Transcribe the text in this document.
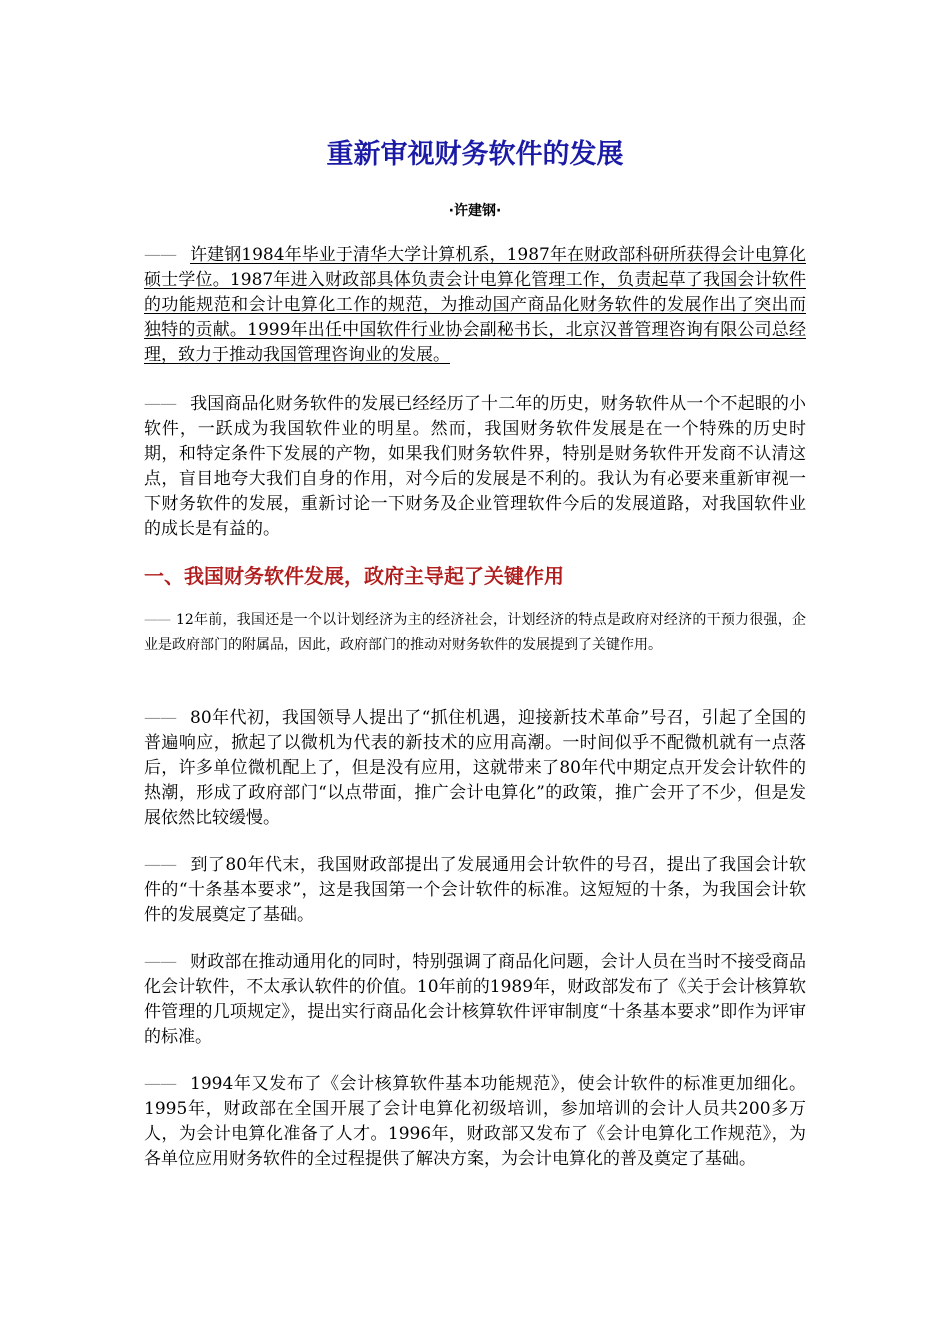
重新审视财务软件的发展

·许建钢·

—— 许建钢1984年毕业于清华大学计算机系，1987年在财政部科研所获得会计电算化硕士学位。1987年进入财政部具体负责会计电算化管理工作，负责起草了我国会计软件的功能规范和会计电算化工作的规范，为推动国产商品化财务软件的发展作出了突出而独特的贡献。1999年出任中国软件行业协会副秘书长，北京汉普管理咨询有限公司总经理，致力于推动我国管理咨询业的发展。

—— 我国商品化财务软件的发展已经经历了十二年的历史，财务软件从一个不起眼的小软件，一跃成为我国软件业的明星。然而，我国财务软件发展是在一个特殊的历史时期，和特定条件下发展的产物，如果我们财务软件界，特别是财务软件开发商不认清这点，盲目地夸大我们自身的作用，对今后的发展是不利的。我认为有必要来重新审视一下财务软件的发展，重新讨论一下财务及企业管理软件今后的发展道路，对我国软件业的成长是有益的。

一、我国财务软件发展，政府主导起了关键作用

—— 12年前，我国还是一个以计划经济为主的经济社会，计划经济的特点是政府对经济的干预力很强，企业是政府部门的附属品，因此，政府部门的推动对财务软件的发展提到了关键作用。

—— 80年代初，我国领导人提出了“抓住机遇，迎接新技术革命”号召，引起了全国的普遍响应，掀起了以微机为代表的新技术的应用高潮。一时间似乎不配微机就有一点落后，许多单位微机配上了，但是没有应用，这就带来了80年代中期定点开发会计软件的热潮，形成了政府部门“以点带面，推广会计电算化”的政策，推广会开了不少，但是发展依然比较缓慢。

—— 到了80年代末，我国财政部提出了发展通用会计软件的号召，提出了我国会计软件的“十条基本要求”，这是我国第一个会计软件的标准。这短短的十条，为我国会计软件的发展奠定了基础。

—— 财政部在推动通用化的同时，特别强调了商品化问题，会计人员在当时不接受商品化会计软件，不太承认软件的价值。10年前的1989年，财政部发布了《关于会计核算软件管理的几项规定》，提出实行商品化会计核算软件评审制度“十条基本要求”即作为评审的标准。

—— 1994年又发布了《会计核算软件基本功能规范》，使会计软件的标准更加细化。1995年，财政部在全国开展了会计电算化初级培训，参加培训的会计人员共200多万人，为会计电算化准备了人才。1996年，财政部又发布了《会计电算化工作规范》，为各单位应用财务软件的全过程提供了解决方案，为会计电算化的普及奠定了基础。
